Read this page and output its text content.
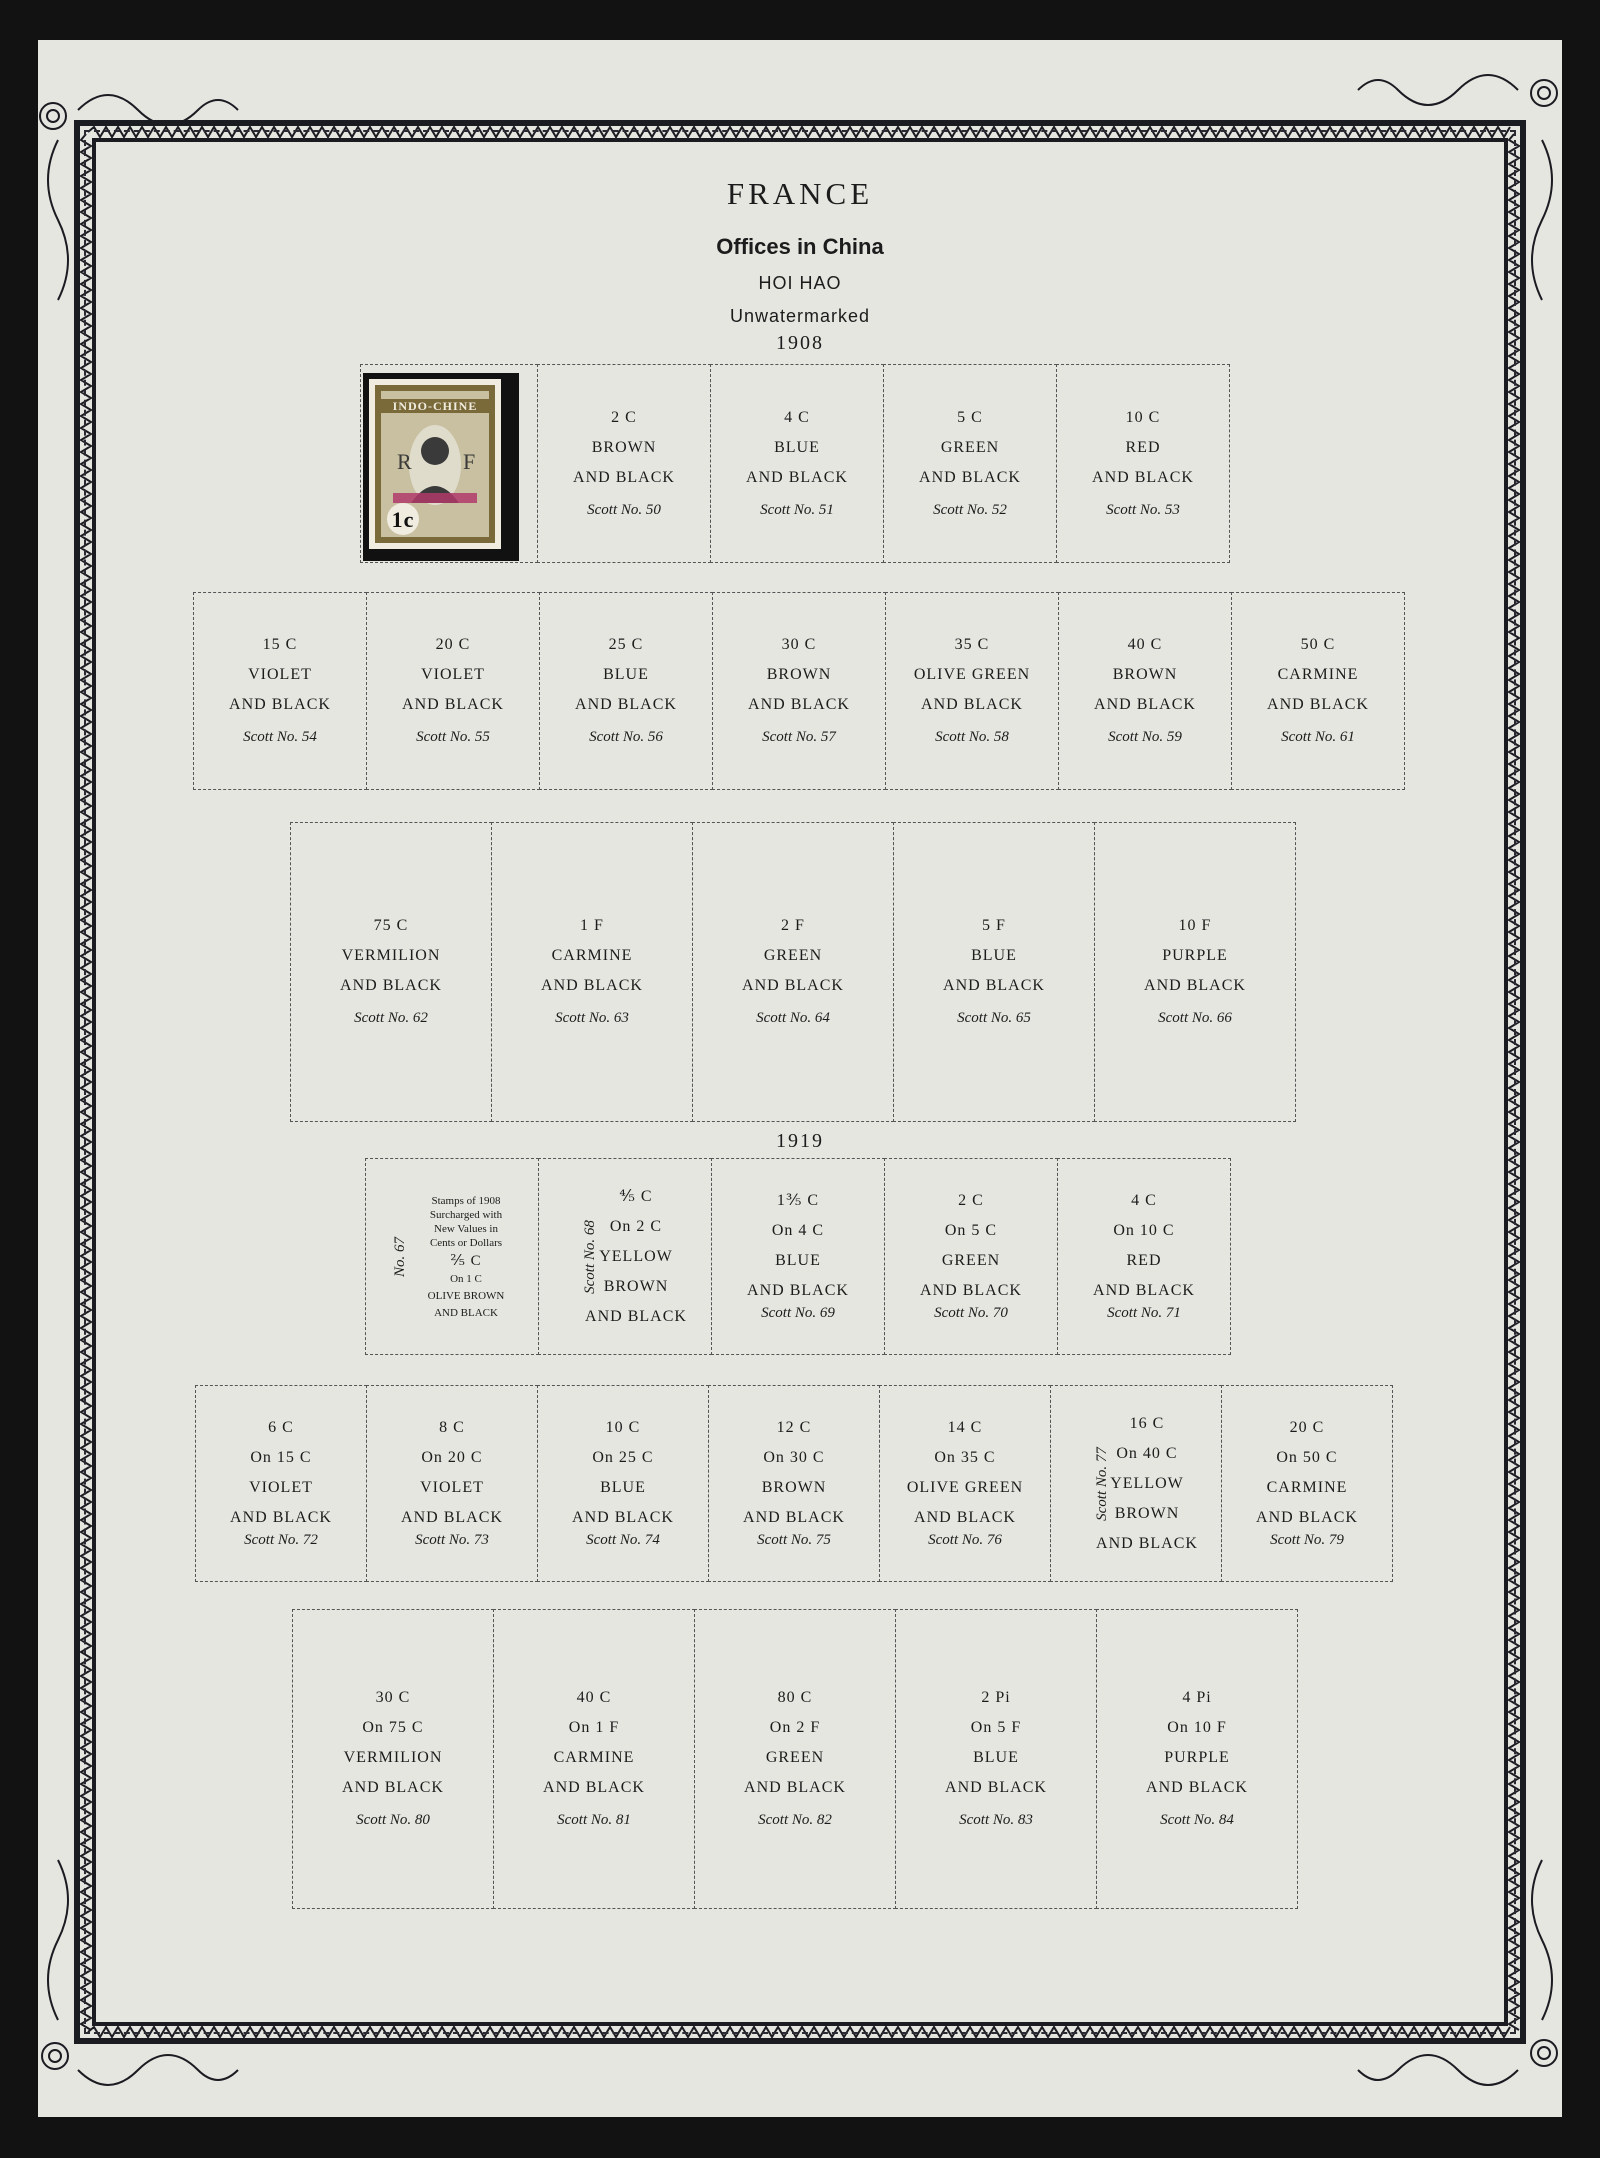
FRANCE
Offices in China
HOI HAO
Unwatermarked
1908
INDO-CHINE
R F
1c
2 C
BROWN
AND BLACK
Scott No. 50
4 C
BLUE
AND BLACK
Scott No. 51
5 C
GREEN
AND BLACK
Scott No. 52
10 C
RED
AND BLACK
Scott No. 53
15 C
VIOLET
AND BLACK
Scott No. 54
20 C
VIOLET
AND BLACK
Scott No. 55
25 C
BLUE
AND BLACK
Scott No. 56
30 C
BROWN
AND BLACK
Scott No. 57
35 C
OLIVE GREEN
AND BLACK
Scott No. 58
40 C
BROWN
AND BLACK
Scott No. 59
50 C
CARMINE
AND BLACK
Scott No. 61
75 C
VERMILION
AND BLACK
Scott No. 62
1 F
CARMINE
AND BLACK
Scott No. 63
2 F
GREEN
AND BLACK
Scott No. 64
5 F
BLUE
AND BLACK
Scott No. 65
10 F
PURPLE
AND BLACK
Scott No. 66
1919
No. 67
Stamps of 1908
Surcharged with
New Values in
Cents or Dollars
⅖ C
On 1 C
OLIVE BROWN
AND BLACK
Scott No. 68
⅘ C
On 2 C
YELLOW
BROWN
AND BLACK
1⅗ C
On 4 C
BLUE
AND BLACK
Scott No. 69
2 C
On 5 C
GREEN
AND BLACK
Scott No. 70
4 C
On 10 C
RED
AND BLACK
Scott No. 71
6 C
On 15 C
VIOLET
AND BLACK
Scott No. 72
8 C
On 20 C
VIOLET
AND BLACK
Scott No. 73
10 C
On 25 C
BLUE
AND BLACK
Scott No. 74
12 C
On 30 C
BROWN
AND BLACK
Scott No. 75
14 C
On 35 C
OLIVE GREEN
AND BLACK
Scott No. 76
Scott No. 77
16 C
On 40 C
YELLOW
BROWN
AND BLACK
20 C
On 50 C
CARMINE
AND BLACK
Scott No. 79
30 C
On 75 C
VERMILION
AND BLACK
Scott No. 80
40 C
On 1 F
CARMINE
AND BLACK
Scott No. 81
80 C
On 2 F
GREEN
AND BLACK
Scott No. 82
2 Pi
On 5 F
BLUE
AND BLACK
Scott No. 83
4 Pi
On 10 F
PURPLE
AND BLACK
Scott No. 84
